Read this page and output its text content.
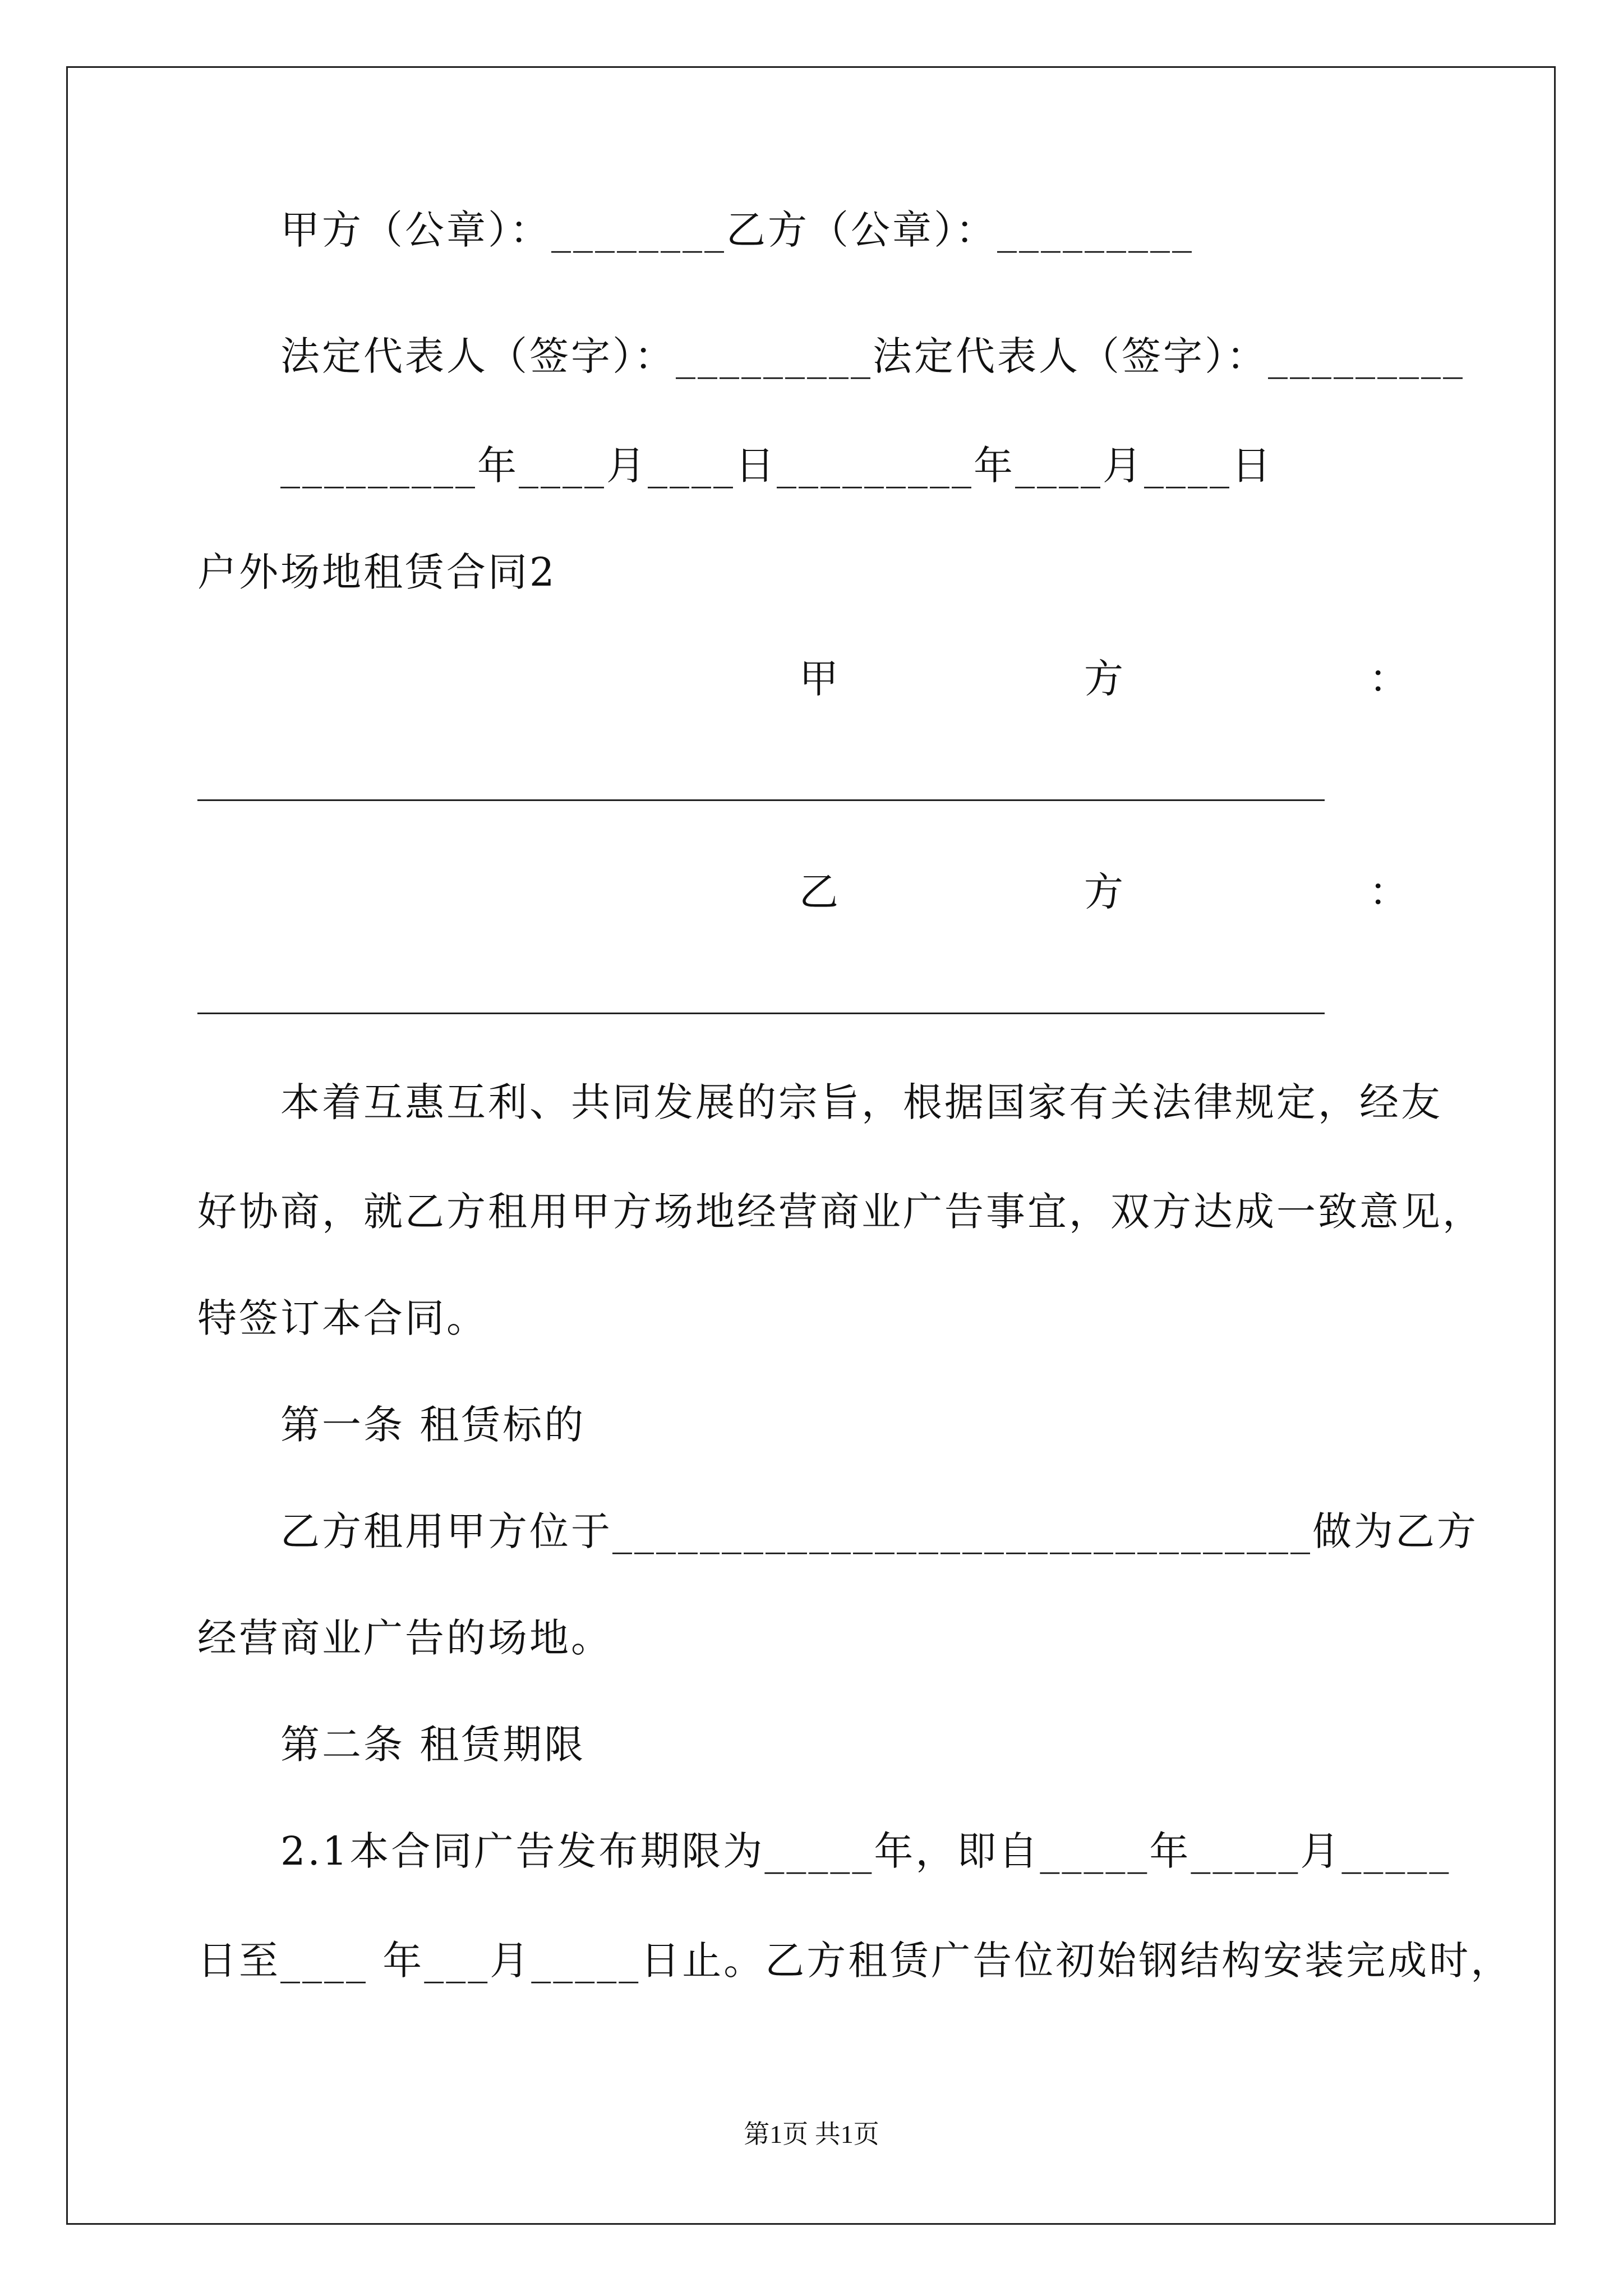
甲方（公章）：________乙方（公章）：_________
法定代表人（签字）：_________法定代表人（签字）：_________
_________年____月____日_________年____月____日
户外场地租赁合同2
甲	方	：
乙	方	：
本着互惠互利、共同发展的宗旨，根据国家有关法律规定，经友
好协商，就乙方租用甲方场地经营商业广告事宜，双方达成一致意见，
特签订本合同。
第一条 租赁标的
乙方租用甲方位于________________________________做为乙方
经营商业广告的场地。
第二条 租赁期限
2.1本合同广告发布期限为_____年，即自_____年_____月_____
日至____ 年___月_____日止。乙方租赁广告位初始钢结构安装完成时，
第1页 共1页
